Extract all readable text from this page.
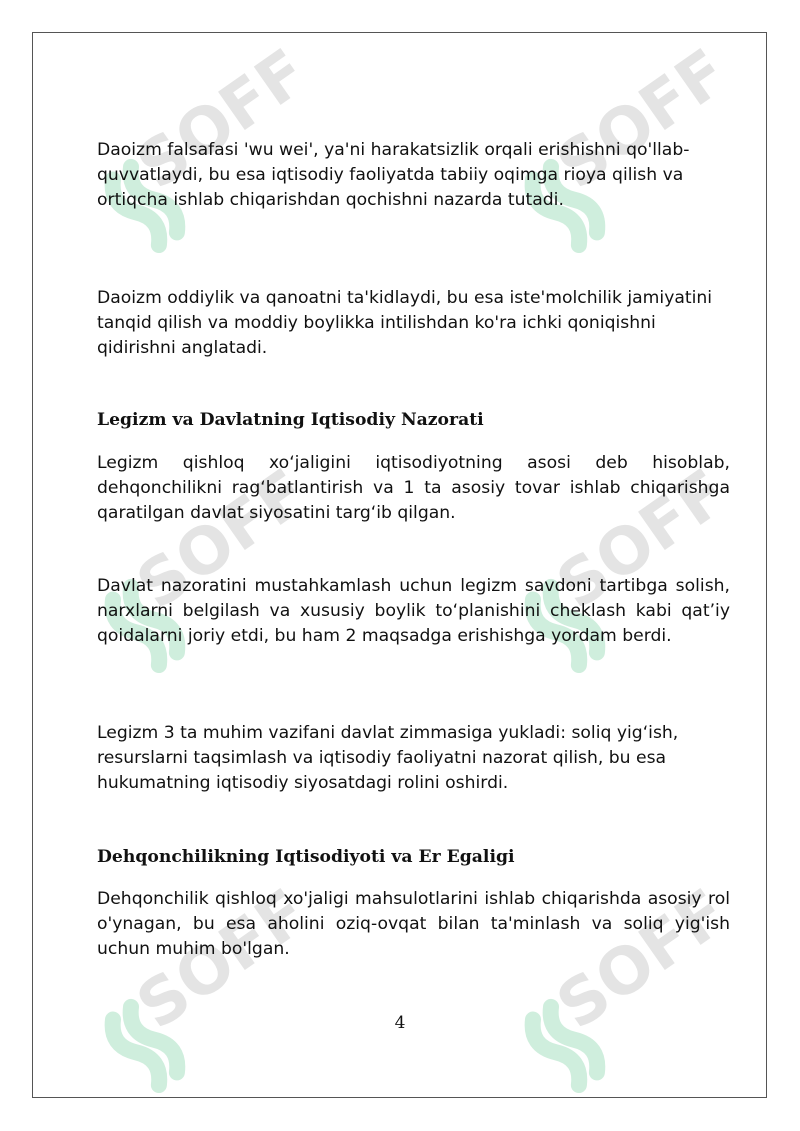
SOFF	SOFF
SOFF	SOFF
SOFF	SOFF

Daoizm falsafasi 'wu wei', ya'ni harakatsizlik orqali erishishni qo'llab-quvvatlaydi, bu esa iqtisodiy faoliyatda tabiiy oqimga rioya qilish va ortiqcha ishlab chiqarishdan qochishni nazarda tutadi.

Daoizm oddiylik va qanoatni ta'kidlaydi, bu esa iste'molchilik jamiyatini tanqid qilish va moddiy boylikka intilishdan ko'ra ichki qoniqishni qidirishni anglatadi.

Legizm va Davlatning Iqtisodiy Nazorati

Legizm qishloq xo‘jaligini iqtisodiyotning asosi deb hisoblab, dehqonchilikni rag‘batlantirish va 1 ta asosiy tovar ishlab chiqarishga qaratilgan davlat siyosatini targ‘ib qilgan.

Davlat nazoratini mustahkamlash uchun legizm savdoni tartibga solish, narxlarni belgilash va xususiy boylik to‘planishini cheklash kabi qat’iy qoidalarni joriy etdi, bu ham 2 maqsadga erishishga yordam berdi.

Legizm 3 ta muhim vazifani davlat zimmasiga yukladi: soliq yig‘ish, resurslarni taqsimlash va iqtisodiy faoliyatni nazorat qilish, bu esa hukumatning iqtisodiy siyosatdagi rolini oshirdi.

Dehqonchilikning Iqtisodiyoti va Er Egaligi

Dehqonchilik qishloq xo'jaligi mahsulotlarini ishlab chiqarishda asosiy rol o'ynagan, bu esa aholini oziq-ovqat bilan ta'minlash va soliq yig'ish uchun muhim bo'lgan.

4
